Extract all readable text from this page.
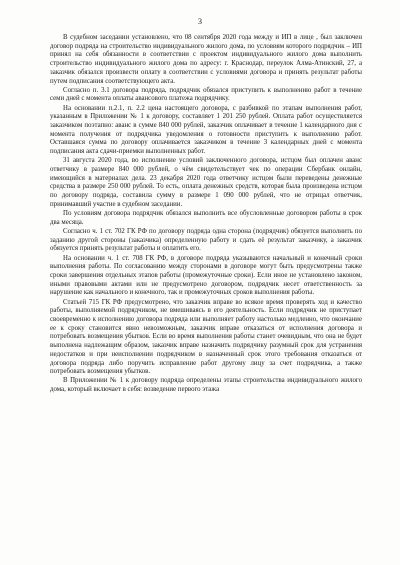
3

В судебном заседании установлено, что 08 сентября 2020 года между и ИП в лице , был заключен договор подряда на строительство индивидуального жилого дома, по условиям которого подрядчик – ИП принял на себя обязанности в соответствии с проектом индивидуального жилого дома выполнить строительство индивидуального жилого дома по адресу: г. Краснодар, переулок Алма-Атинский, 27, а заказчик обязался произвести оплату в соответствии с условиями договора и принять результат работы путем подписания соответствующего акта.

Согласно п. 3.1 договора подряда, подрядчик обязался приступить к выполнению работ в течение семи дней с момента оплаты авансового платежа подрядчику.

На основании п.2.1, п. 2.2 цена настоящего договора, с разбивкой по этапам выполнения работ, указанным в Приложении № 1 к договору, составляет 1 201 250 рублей. Оплата работ осуществляется заказчиком поэтапно: аванс в сумме 840 000 рублей, заказчик оплачивает в течение 1 календарного дня с момента получения от подрядчика уведомления о готовности приступить к выполнению работ. Оставшаяся сумма по договору оплачивается заказчиком в течение 3 календарных дней с момента подписания акта сдачи-приемки выполненных работ.

31 августа 2020 года, во исполнение условий заключенного договора, истцом был оплачен аванс ответчику в размере 840 000 рублей, о чём свидетельствует чек по операции Сбербанк онлайн, имеющийся в материалах дела. 23 декабря 2020 года ответчику истцом были переведены денежные средства в размере 250 000 рублей. То есть, оплата денежных средств, которая была произведена истцом по договору подряда, составила сумму в размере 1 090 000 рублей, что не отрицал ответчик, принимавший участие в судебном заседании.

По условиям договора подрядчик обязался выполнить все обусловленные договором работы в срок два месяца.

Согласно ч. 1 ст. 702 ГК РФ по договору подряда одна сторона (подрядчик) обязуется выполнить по заданию другой стороны (заказчика) определенную работу и сдать её результат заказчику, а заказчик обязуется принять результат работы и оплатить его.

На основании ч. 1 ст. 708 ГК РФ, в договоре подряда указываются начальный и конечный сроки выполнения работы. По согласованию между сторонами в договоре могут быть предусмотрены также сроки завершения отдельных этапов работы (промежуточные сроки). Если иное не установлено законом, иными правовыми актами или не предусмотрено договором, подрядчик несет ответственность за нарушение как начального и конечного, так и промежуточных сроков выполнения работы.

Статьей 715 ГК РФ предусмотрено, что заказчик вправе во всякое время проверять ход и качество работы, выполняемой подрядчиком, не вмешиваясь в его деятельность. Если подрядчик не приступает своевременно к исполнению договора подряда или выполняет работу настолько медленно, что окончание ее к сроку становится явно невозможным, заказчик вправе отказаться от исполнения договора и потребовать возмещения убытков. Если во время выполнения работы станет очевидным, что она не будет выполнена надлежащим образом, заказчик вправе назначить подрядчику разумный срок для устранения недостатков и при неисполнении подрядчиком в назначенный срок этого требования отказаться от договора подряда либо поручить исправление работ другому лицу за счет подрядчика, а также потребовать возмещения убытков.

В Приложении № 1 к договору подряда определены этапы строительства индивидуального жилого дома, который включает в себя: возведение первого этажа
